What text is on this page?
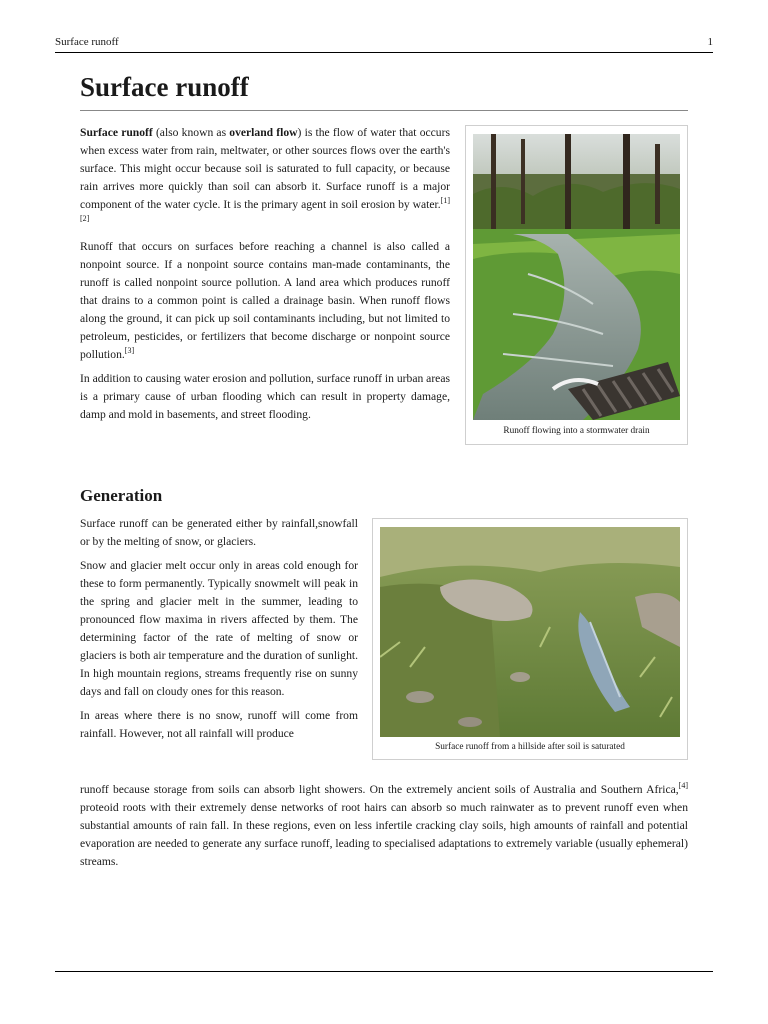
Surface runoff	1
Surface runoff

Surface runoff (also known as overland flow) is the flow of water that occurs when excess water from rain, meltwater, or other sources flows over the earth's surface. This might occur because soil is saturated to full capacity, or because rain arrives more quickly than soil can absorb it. Surface runoff is a major component of the water cycle. It is the primary agent in soil erosion by water.[1][2]

Runoff that occurs on surfaces before reaching a channel is also called a nonpoint source. If a nonpoint source contains man-made contaminants, the runoff is called nonpoint source pollution. A land area which produces runoff that drains to a common point is called a drainage basin. When runoff flows along the ground, it can pick up soil contaminants including, but not limited to petroleum, pesticides, or fertilizers that become discharge or nonpoint source pollution.[3]

In addition to causing water erosion and pollution, surface runoff in urban areas is a primary cause of urban flooding which can result in property damage, damp and mold in basements, and street flooding.

Runoff flowing into a stormwater drain
Generation
Surface runoff from a hillside after soil is saturated

Surface runoff can be generated either by rainfall,snowfall or by the melting of snow, or glaciers.

Snow and glacier melt occur only in areas cold enough for these to form permanently. Typically snowmelt will peak in the spring and glacier melt in the summer, leading to pronounced flow maxima in rivers affected by them. The determining factor of the rate of melting of snow or glaciers is both air temperature and the duration of sunlight. In high mountain regions, streams frequently rise on sunny days and fall on cloudy ones for this reason.

In areas where there is no snow, runoff will come from rainfall. However, not all rainfall will produce

runoff because storage from soils can absorb light showers. On the extremely ancient soils of Australia and Southern Africa,[4] proteoid roots with their extremely dense networks of root hairs can absorb so much rainwater as to prevent runoff even when substantial amounts of rain fall. In these regions, even on less infertile cracking clay soils, high amounts of rainfall and potential evaporation are needed to generate any surface runoff, leading to specialised adaptations to extremely variable (usually ephemeral) streams.
